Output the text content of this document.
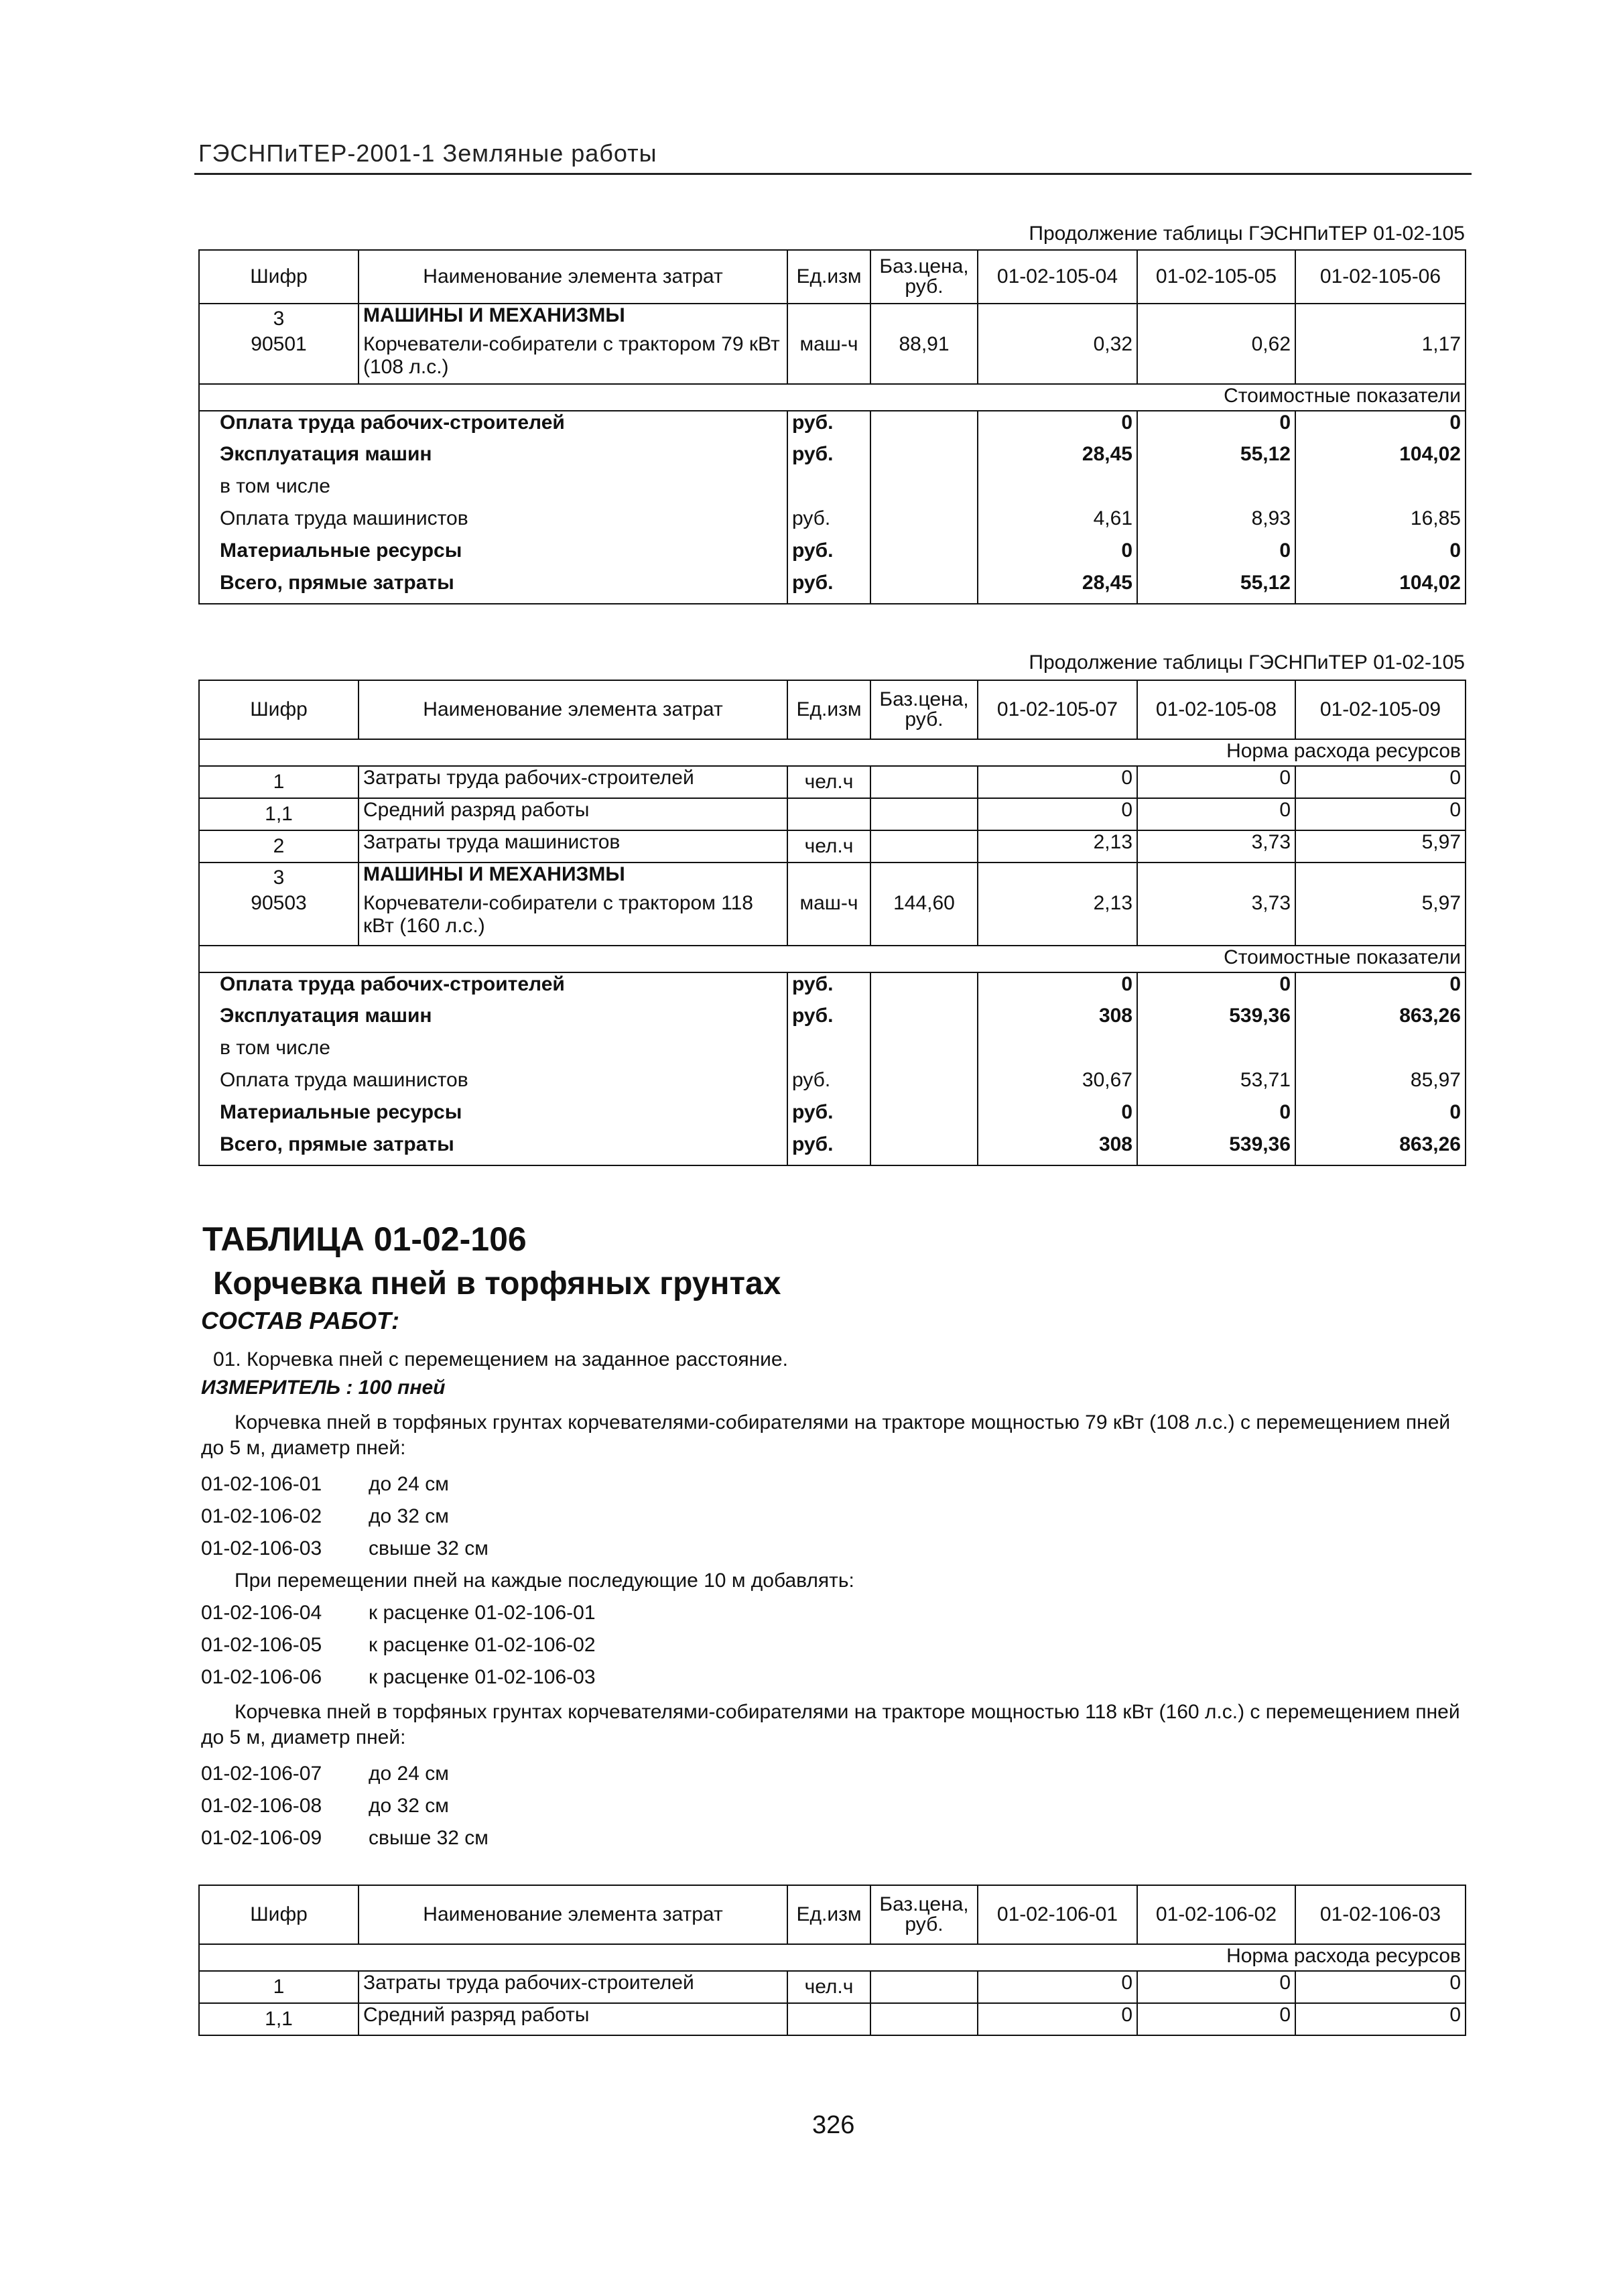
ГЭСНПиТЕР-2001-1 Земляные работы
Продолжение таблицы ГЭСНПиТЕР 01-02-105
Шифр	Наименование элемента затрат	Ед.изм	Баз.цена, руб.	01-02-105-04	01-02-105-05	01-02-105-06
3	МАШИНЫ И МЕХАНИЗМЫ					
90501	Корчеватели-собиратели с трактором 79 кВт (108 л.с.)	маш-ч	88,91	0,32	0,62	1,17
Стоимостные показатели						
Оплата труда рабочих-строителей		руб.		0	0	0
Эксплуатация машин		руб.		28,45	55,12	104,02
в том числе						
Оплата труда машинистов		руб.		4,61	8,93	16,85
Материальные ресурсы		руб.		0	0	0
Всего, прямые затраты		руб.		28,45	55,12	104,02
Продолжение таблицы ГЭСНПиТЕР 01-02-105
Шифр	Наименование элемента затрат	Ед.изм	Баз.цена, руб.	01-02-105-07	01-02-105-08	01-02-105-09
Норма расхода ресурсов						
1	Затраты труда рабочих-строителей	чел.ч		0	0	0
1,1	Средний разряд работы			0	0	0
2	Затраты труда машинистов	чел.ч		2,13	3,73	5,97
3	МАШИНЫ И МЕХАНИЗМЫ					
90503	Корчеватели-собиратели с трактором 118 кВт (160 л.с.)	маш-ч	144,60	2,13	3,73	5,97
Стоимостные показатели						
Оплата труда рабочих-строителей		руб.		0	0	0
Эксплуатация машин		руб.		308	539,36	863,26
в том числе						
Оплата труда машинистов		руб.		30,67	53,71	85,97
Материальные ресурсы		руб.		0	0	0
Всего, прямые затраты		руб.		308	539,36	863,26
ТАБЛИЦА 01-02-106
Корчевка пней в торфяных грунтах
СОСТАВ РАБОТ:
01. Корчевка пней с перемещением на заданное расстояние.
ИЗМЕРИТЕЛЬ : 100 пней
Корчевка пней в торфяных грунтах корчевателями-собирателями на тракторе мощностью 79 кВт (108 л.с.) с перемещением пней до 5 м, диаметр пней:
01-02-106-01 до 24 см
01-02-106-02 до 32 см
01-02-106-03 свыше 32 см
При перемещении пней на каждые последующие 10 м добавлять:
01-02-106-04 к расценке 01-02-106-01
01-02-106-05 к расценке 01-02-106-02
01-02-106-06 к расценке 01-02-106-03
Корчевка пней в торфяных грунтах корчевателями-собирателями на тракторе мощностью 118 кВт (160 л.с.) с перемещением пней до 5 м, диаметр пней:
01-02-106-07 до 24 см
01-02-106-08 до 32 см
01-02-106-09 свыше 32 см
Шифр	Наименование элемента затрат	Ед.изм	Баз.цена, руб.	01-02-106-01	01-02-106-02	01-02-106-03
Норма расхода ресурсов						
1	Затраты труда рабочих-строителей	чел.ч		0	0	0
1,1	Средний разряд работы			0	0	0
326
